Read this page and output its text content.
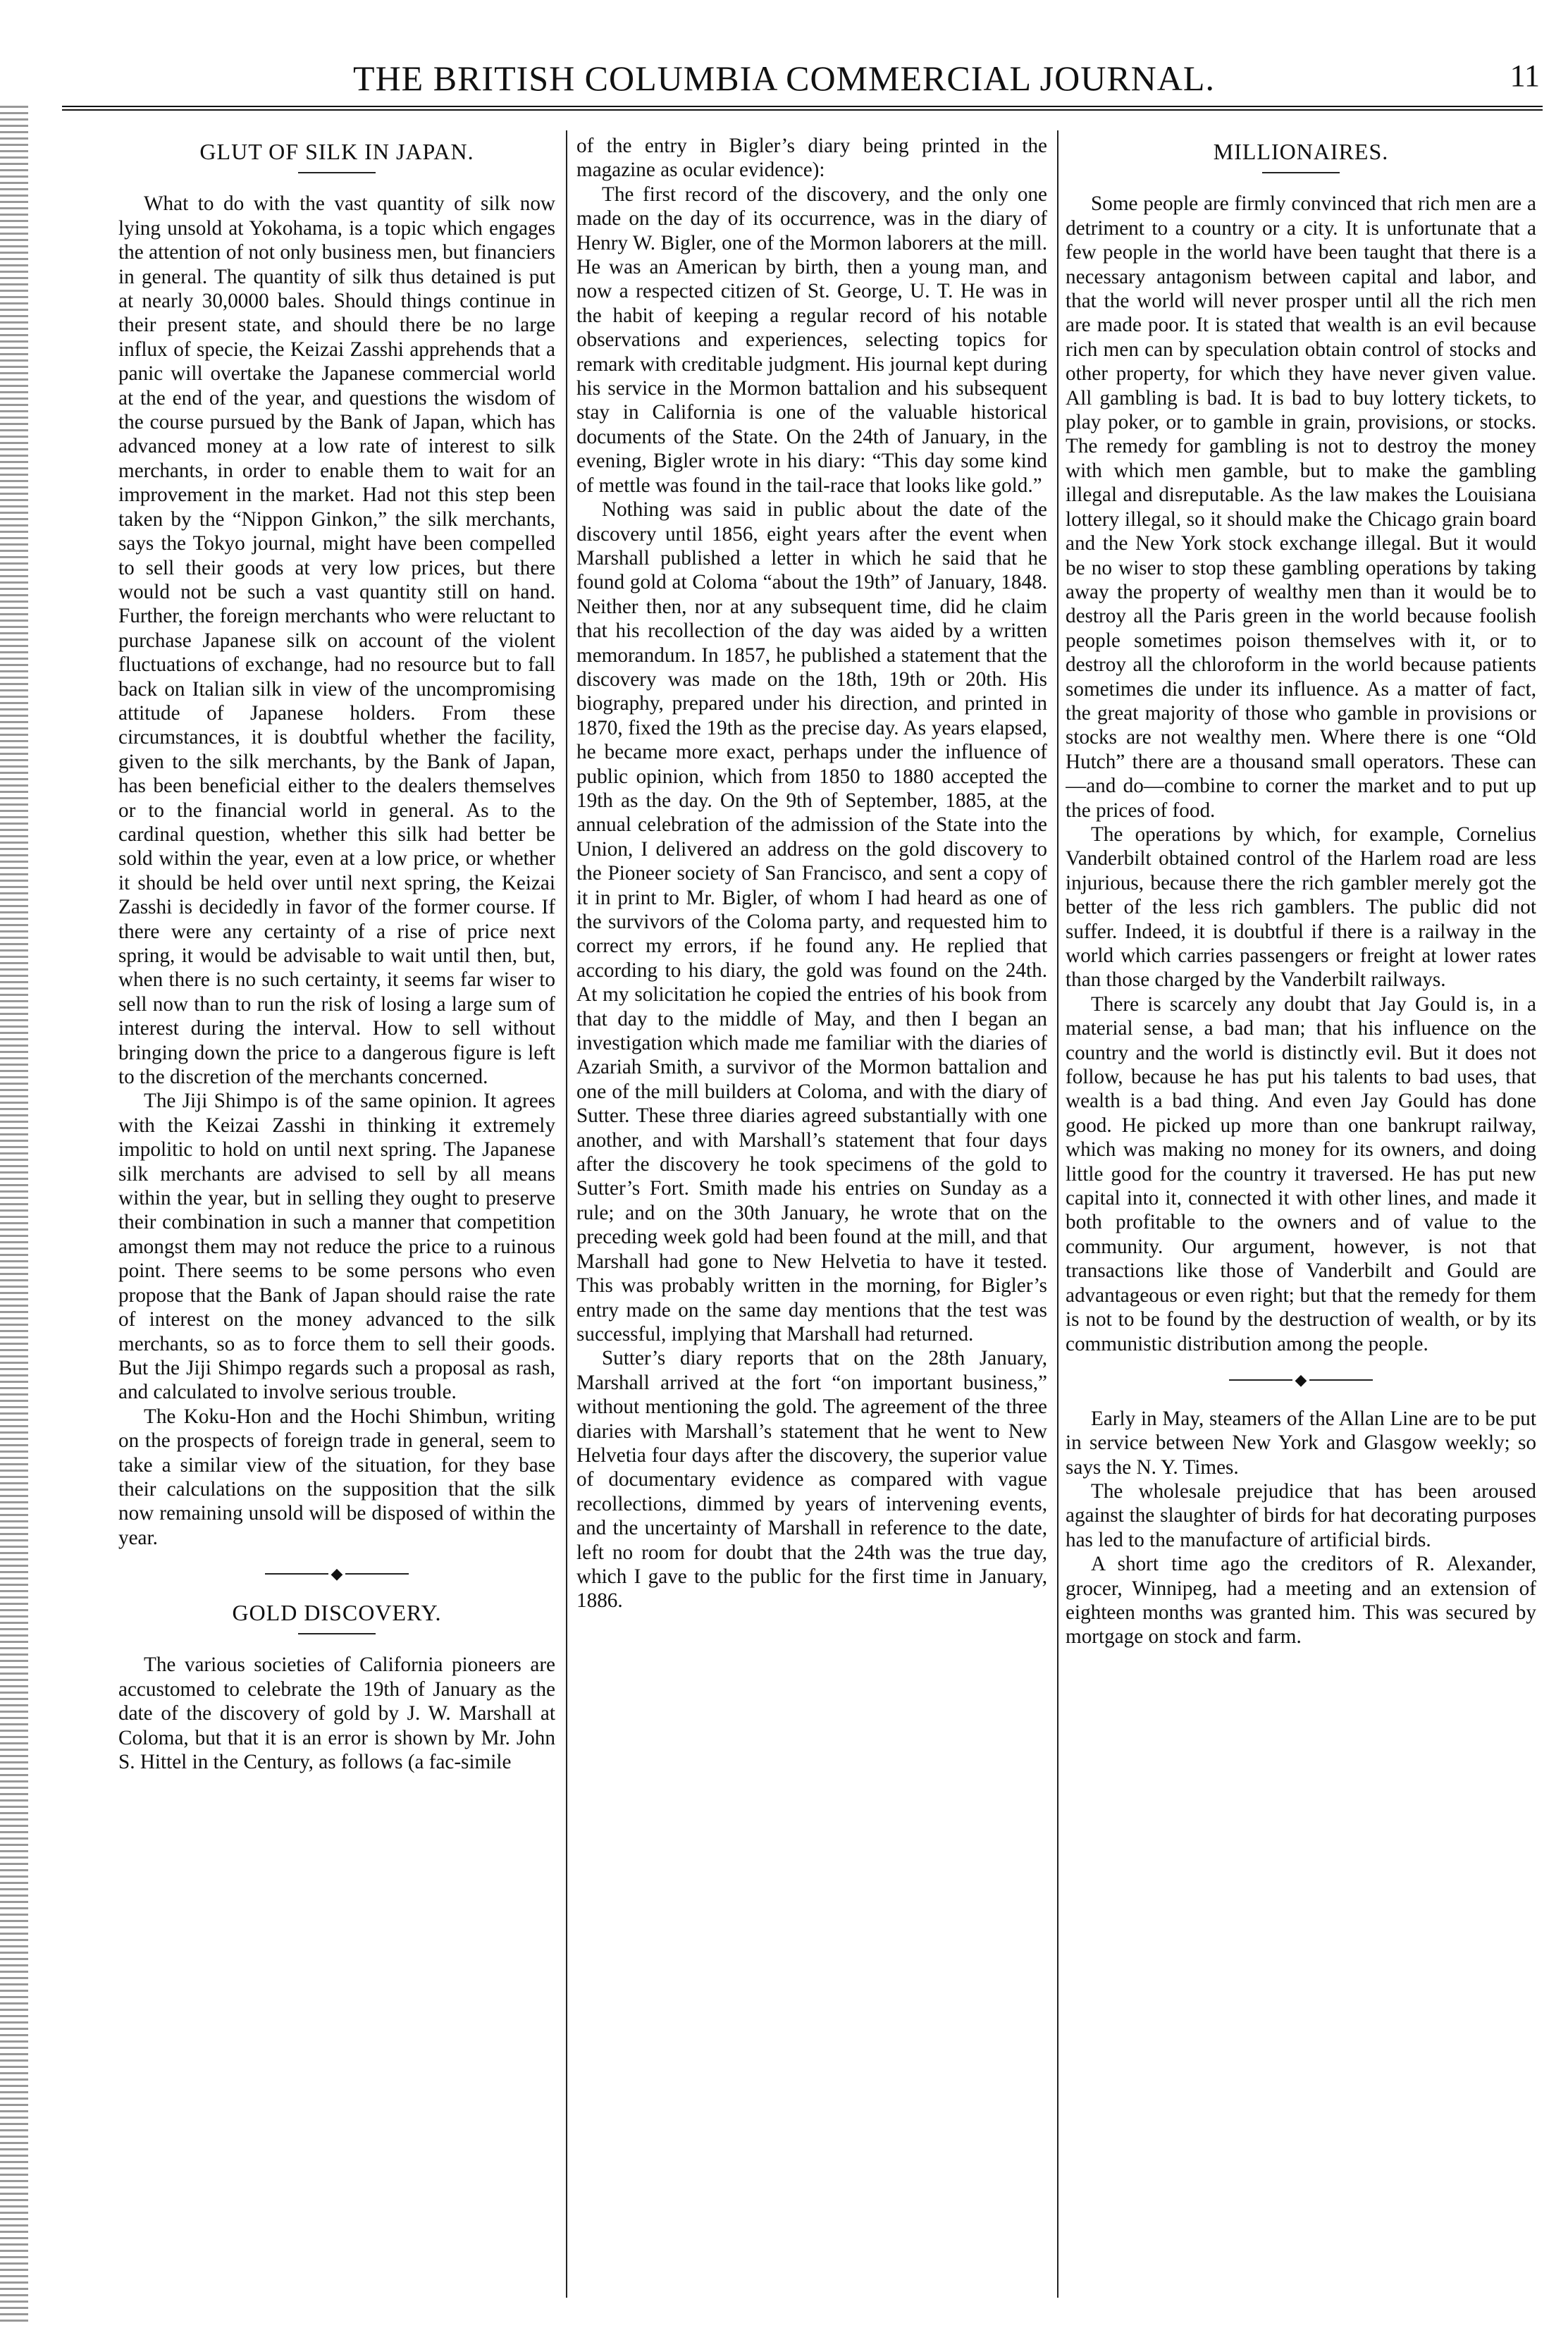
THE BRITISH COLUMBIA COMMERCIAL JOURNAL.	11
GLUT OF SILK IN JAPAN.

What to do with the vast quantity of silk now lying unsold at Yokohama, is a topic which engages the attention of not only business men, but financiers in general. The quantity of silk thus detained is put at nearly 30,0000 bales. Should things continue in their present state, and should there be no large influx of specie, the Keizai Zasshi apprehends that a panic will overtake the Japanese commercial world at the end of the year, and questions the wisdom of the course pursued by the Bank of Japan, which has advanced money at a low rate of interest to silk merchants, in order to enable them to wait for an improvement in the market. Had not this step been taken by the “Nippon Ginkon,” the silk merchants, says the Tokyo journal, might have been compelled to sell their goods at very low prices, but there would not be such a vast quantity still on hand. Further, the foreign merchants who were reluctant to purchase Japanese silk on account of the violent fluctuations of exchange, had no resource but to fall back on Italian silk in view of the uncompromising attitude of Japanese holders. From these circumstances, it is doubtful whether the facility, given to the silk merchants, by the Bank of Japan, has been beneficial either to the dealers themselves or to the financial world in general. As to the cardinal question, whether this silk had better be sold within the year, even at a low price, or whether it should be held over until next spring, the Keizai Zasshi is decidedly in favor of the former course. If there were any certainty of a rise of price next spring, it would be advisable to wait until then, but, when there is no such certainty, it seems far wiser to sell now than to run the risk of losing a large sum of interest during the interval. How to sell without bringing down the price to a dangerous figure is left to the discretion of the merchants concerned.

The Jiji Shimpo is of the same opinion. It agrees with the Keizai Zasshi in thinking it extremely impolitic to hold on until next spring. The Japanese silk merchants are advised to sell by all means within the year, but in selling they ought to preserve their combination in such a manner that competition amongst them may not reduce the price to a ruinous point. There seems to be some persons who even propose that the Bank of Japan should raise the rate of interest on the money advanced to the silk merchants, so as to force them to sell their goods. But the Jiji Shimpo regards such a proposal as rash, and calculated to involve serious trouble.

The Koku-Hon and the Hochi Shimbun, writing on the prospects of foreign trade in general, seem to take a similar view of the situation, for they base their calculations on the supposition that the silk now remaining unsold will be disposed of within the year.

◆
GOLD DISCOVERY.

The various societies of California pioneers are accustomed to celebrate the 19th of January as the date of the discovery of gold by J. W. Marshall at Coloma, but that it is an error is shown by Mr. John S. Hittel in the Century, as follows (a fac-simile

of the entry in Bigler’s diary being printed in the magazine as ocular evidence):

The first record of the discovery, and the only one made on the day of its occurrence, was in the diary of Henry W. Bigler, one of the Mormon laborers at the mill. He was an American by birth, then a young man, and now a respected citizen of St. George, U. T. He was in the habit of keeping a regular record of his notable observations and experiences, selecting topics for remark with creditable judgment. His journal kept during his service in the Mormon battalion and his subsequent stay in California is one of the valuable historical documents of the State. On the 24th of January, in the evening, Bigler wrote in his diary: “This day some kind of mettle was found in the tail-race that looks like gold.”

Nothing was said in public about the date of the discovery until 1856, eight years after the event when Marshall published a letter in which he said that he found gold at Coloma “about the 19th” of January, 1848. Neither then, nor at any subsequent time, did he claim that his recollection of the day was aided by a written memorandum. In 1857, he published a statement that the discovery was made on the 18th, 19th or 20th. His biography, prepared under his direction, and printed in 1870, fixed the 19th as the precise day. As years elapsed, he became more exact, perhaps under the influence of public opinion, which from 1850 to 1880 accepted the 19th as the day. On the 9th of September, 1885, at the annual celebration of the admission of the State into the Union, I delivered an address on the gold discovery to the Pioneer society of San Francisco, and sent a copy of it in print to Mr. Bigler, of whom I had heard as one of the survivors of the Coloma party, and requested him to correct my errors, if he found any. He replied that according to his diary, the gold was found on the 24th. At my solicitation he copied the entries of his book from that day to the middle of May, and then I began an investigation which made me familiar with the diaries of Azariah Smith, a survivor of the Mormon battalion and one of the mill builders at Coloma, and with the diary of Sutter. These three diaries agreed substantially with one another, and with Marshall’s statement that four days after the discovery he took specimens of the gold to Sutter’s Fort. Smith made his entries on Sunday as a rule; and on the 30th January, he wrote that on the preceding week gold had been found at the mill, and that Marshall had gone to New Helvetia to have it tested. This was probably written in the morning, for Bigler’s entry made on the same day mentions that the test was successful, implying that Marshall had returned.

Sutter’s diary reports that on the 28th January, Marshall arrived at the fort “on important business,” without mentioning the gold. The agreement of the three diaries with Marshall’s statement that he went to New Helvetia four days after the discovery, the superior value of documentary evidence as compared with vague recollections, dimmed by years of intervening events, and the uncertainty of Marshall in reference to the date, left no room for doubt that the 24th was the true day, which I gave to the public for the first time in January, 1886.

MILLIONAIRES.

Some people are firmly convinced that rich men are a detriment to a country or a city. It is unfortunate that a few people in the world have been taught that there is a necessary antagonism between capital and labor, and that the world will never prosper until all the rich men are made poor. It is stated that wealth is an evil because rich men can by speculation obtain control of stocks and other property, for which they have never given value. All gambling is bad. It is bad to buy lottery tickets, to play poker, or to gamble in grain, provisions, or stocks. The remedy for gambling is not to destroy the money with which men gamble, but to make the gambling illegal and disreputable. As the law makes the Louisiana lottery illegal, so it should make the Chicago grain board and the New York stock exchange illegal. But it would be no wiser to stop these gambling operations by taking away the property of wealthy men than it would be to destroy all the Paris green in the world because foolish people sometimes poison themselves with it, or to destroy all the chloroform in the world because patients sometimes die under its influence. As a matter of fact, the great majority of those who gamble in provisions or stocks are not wealthy men. Where there is one “Old Hutch” there are a thousand small operators. These can—and do—combine to corner the market and to put up the prices of food.

The operations by which, for example, Cornelius Vanderbilt obtained control of the Harlem road are less injurious, because there the rich gambler merely got the better of the less rich gamblers. The public did not suffer. Indeed, it is doubtful if there is a railway in the world which carries passengers or freight at lower rates than those charged by the Vanderbilt railways.

There is scarcely any doubt that Jay Gould is, in a material sense, a bad man; that his influence on the country and the world is distinctly evil. But it does not follow, because he has put his talents to bad uses, that wealth is a bad thing. And even Jay Gould has done good. He picked up more than one bankrupt railway, which was making no money for its owners, and doing little good for the country it traversed. He has put new capital into it, connected it with other lines, and made it both profitable to the owners and of value to the community. Our argument, however, is not that transactions like those of Vanderbilt and Gould are advantageous or even right; but that the remedy for them is not to be found by the destruction of wealth, or by its communistic distribution among the people.

◆

Early in May, steamers of the Allan Line are to be put in service between New York and Glasgow weekly; so says the N. Y. Times.

The wholesale prejudice that has been aroused against the slaughter of birds for hat decorating purposes has led to the manufacture of artificial birds.

A short time ago the creditors of R. Alexander, grocer, Winnipeg, had a meeting and an extension of eighteen months was granted him. This was secured by mortgage on stock and farm.
